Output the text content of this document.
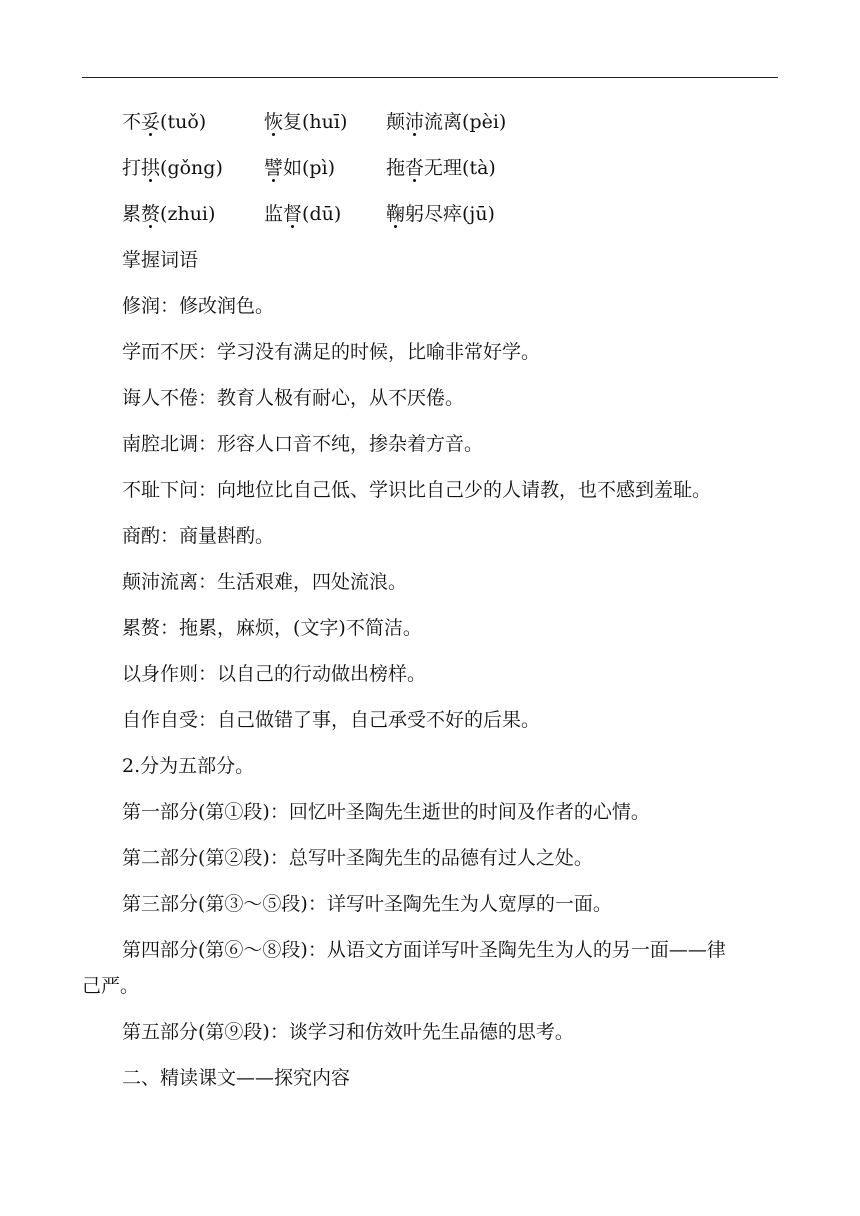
不妥(tuǒ)	恢复(huī) 颠沛流离(pèi)
打拱(gǒng) 譬如(pì)	拖沓无理(tà)
累赘(zhui)	监督(dū) 鞠躬尽瘁(jū)
掌握词语
修润：修改润色。
学而不厌：学习没有满足的时候，比喻非常好学。
诲人不倦：教育人极有耐心，从不厌倦。
南腔北调：形容人口音不纯，掺杂着方音。
不耻下问：向地位比自己低、学识比自己少的人请教，也不感到羞耻。
商酌：商量斟酌。
颠沛流离：生活艰难，四处流浪。
累赘：拖累，麻烦，(文字)不简洁。
以身作则：以自己的行动做出榜样。
自作自受：自己做错了事，自己承受不好的后果。
2.分为五部分。
第一部分(第①段)：回忆叶圣陶先生逝世的时间及作者的心情。
第二部分(第②段)：总写叶圣陶先生的品德有过人之处。
第三部分(第③～⑤段)：详写叶圣陶先生为人宽厚的一面。
第四部分(第⑥～⑧段)：从语文方面详写叶圣陶先生为人的另一面——律
己严。
第五部分(第⑨段)：谈学习和仿效叶先生品德的思考。
二、精读课文——探究内容
